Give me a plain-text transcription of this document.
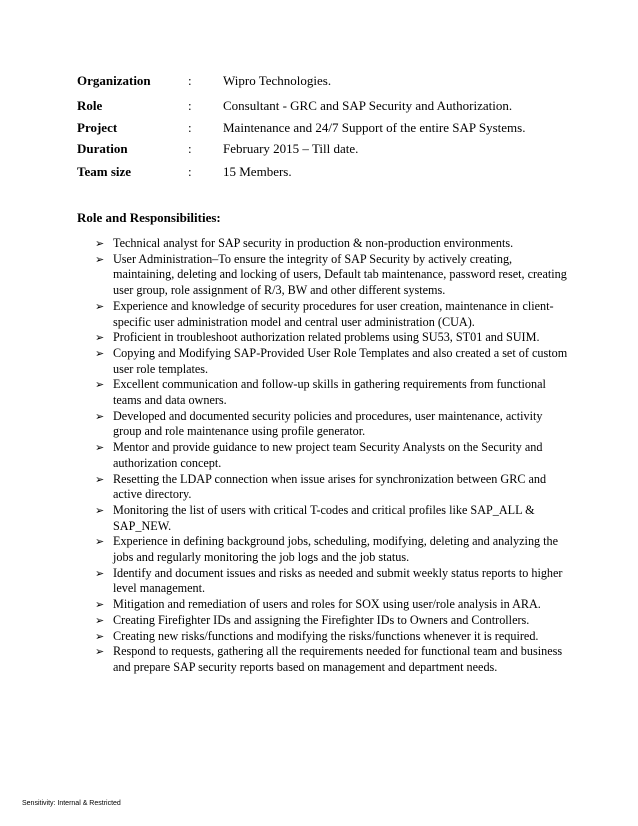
Organization	: Wipro Technologies.
Role	: Consultant - GRC and SAP Security and Authorization.
Project	: Maintenance and 24/7 Support of the entire SAP Systems.
Duration	: February 2015 – Till date.
Team size	: 15 Members.
Role and Responsibilities:
➢ Technical analyst for SAP security in production & non-production environments.
➢ User Administration–To ensure the integrity of SAP Security by actively creating, maintaining, deleting and locking of users, Default tab maintenance, password reset, creating user group, role assignment of R/3, BW and other different systems.
➢ Experience and knowledge of security procedures for user creation, maintenance in client-specific user administration model and central user administration (CUA).
➢ Proficient in troubleshoot authorization related problems using SU53, ST01 and SUIM.
➢ Copying and Modifying SAP-Provided User Role Templates and also created a set of custom user role templates.
➢ Excellent communication and follow-up skills in gathering requirements from functional teams and data owners.
➢ Developed and documented security policies and procedures, user maintenance, activity group and role maintenance using profile generator.
➢ Mentor and provide guidance to new project team Security Analysts on the Security and authorization concept.
➢ Resetting the LDAP connection when issue arises for synchronization between GRC and active directory.
➢ Monitoring the list of users with critical T-codes and critical profiles like SAP_ALL & SAP_NEW.
➢ Experience in defining background jobs, scheduling, modifying, deleting and analyzing the jobs and regularly monitoring the job logs and the job status.
➢ Identify and document issues and risks as needed and submit weekly status reports to higher level management.
➢ Mitigation and remediation of users and roles for SOX using user/role analysis in ARA.
➢ Creating Firefighter IDs and assigning the Firefighter IDs to Owners and Controllers.
➢ Creating new risks/functions and modifying the risks/functions whenever it is required.
➢ Respond to requests, gathering all the requirements needed for functional team and business and prepare SAP security reports based on management and department needs.
Sensitivity: Internal & Restricted
